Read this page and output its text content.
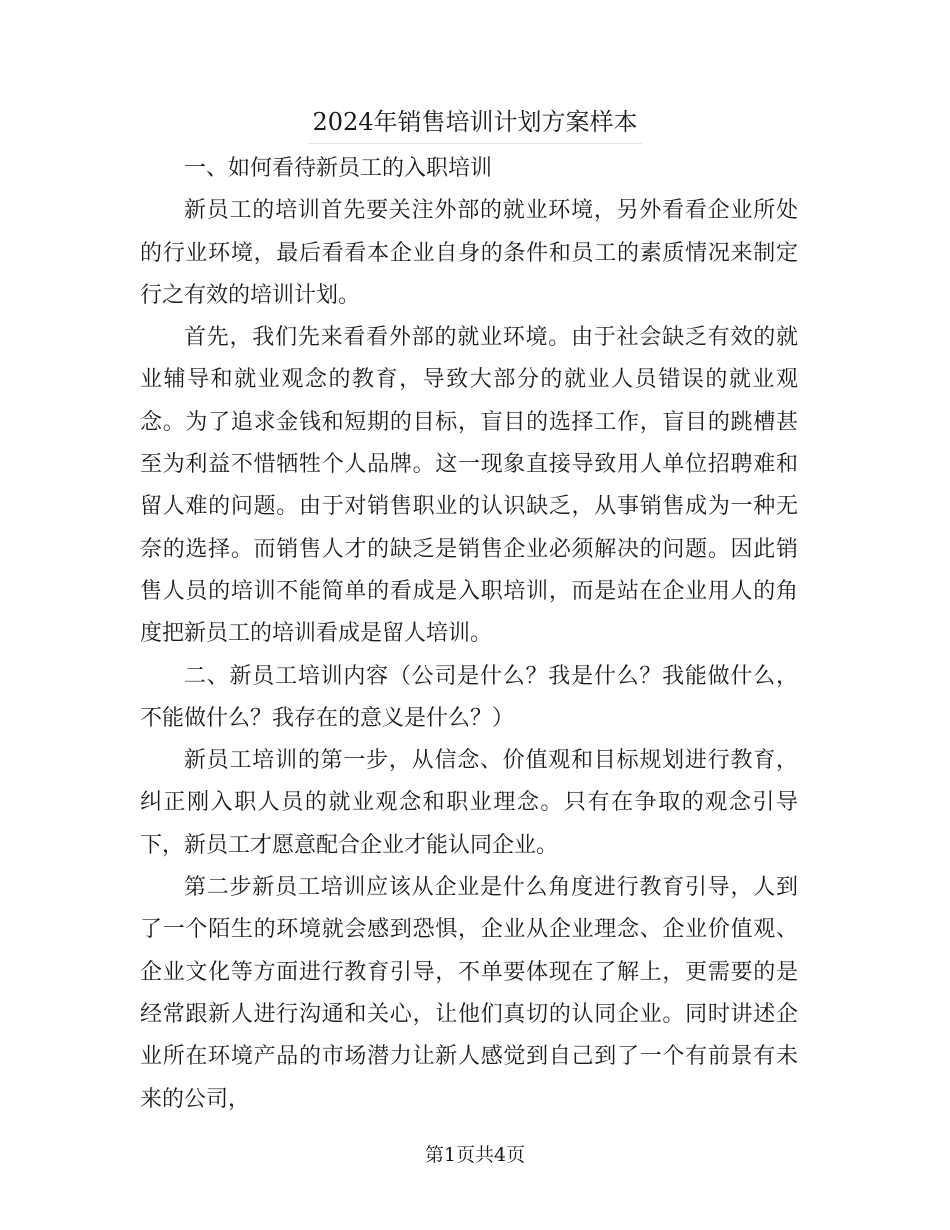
2024年销售培训计划方案样本

一、如何看待新员工的入职培训

新员工的培训首先要关注外部的就业环境，另外看看企业所处的行业环境，最后看看本企业自身的条件和员工的素质情况来制定行之有效的培训计划。

首先，我们先来看看外部的就业环境。由于社会缺乏有效的就业辅导和就业观念的教育，导致大部分的就业人员错误的就业观念。为了追求金钱和短期的目标，盲目的选择工作，盲目的跳槽甚至为利益不惜牺牲个人品牌。这一现象直接导致用人单位招聘难和留人难的问题。由于对销售职业的认识缺乏，从事销售成为一种无奈的选择。而销售人才的缺乏是销售企业必须解决的问题。因此销售人员的培训不能简单的看成是入职培训，而是站在企业用人的角度把新员工的培训看成是留人培训。

二、新员工培训内容（公司是什么？我是什么？我能做什么，不能做什么？我存在的意义是什么？）

新员工培训的第一步，从信念、价值观和目标规划进行教育，纠正刚入职人员的就业观念和职业理念。只有在争取的观念引导下，新员工才愿意配合企业才能认同企业。

第二步新员工培训应该从企业是什么角度进行教育引导，人到了一个陌生的环境就会感到恐惧，企业从企业理念、企业价值观、企业文化等方面进行教育引导，不单要体现在了解上，更需要的是经常跟新人进行沟通和关心，让他们真切的认同企业。同时讲述企业所在环境产品的市场潜力让新人感觉到自己到了一个有前景有未来的公司，

第1页共4页
